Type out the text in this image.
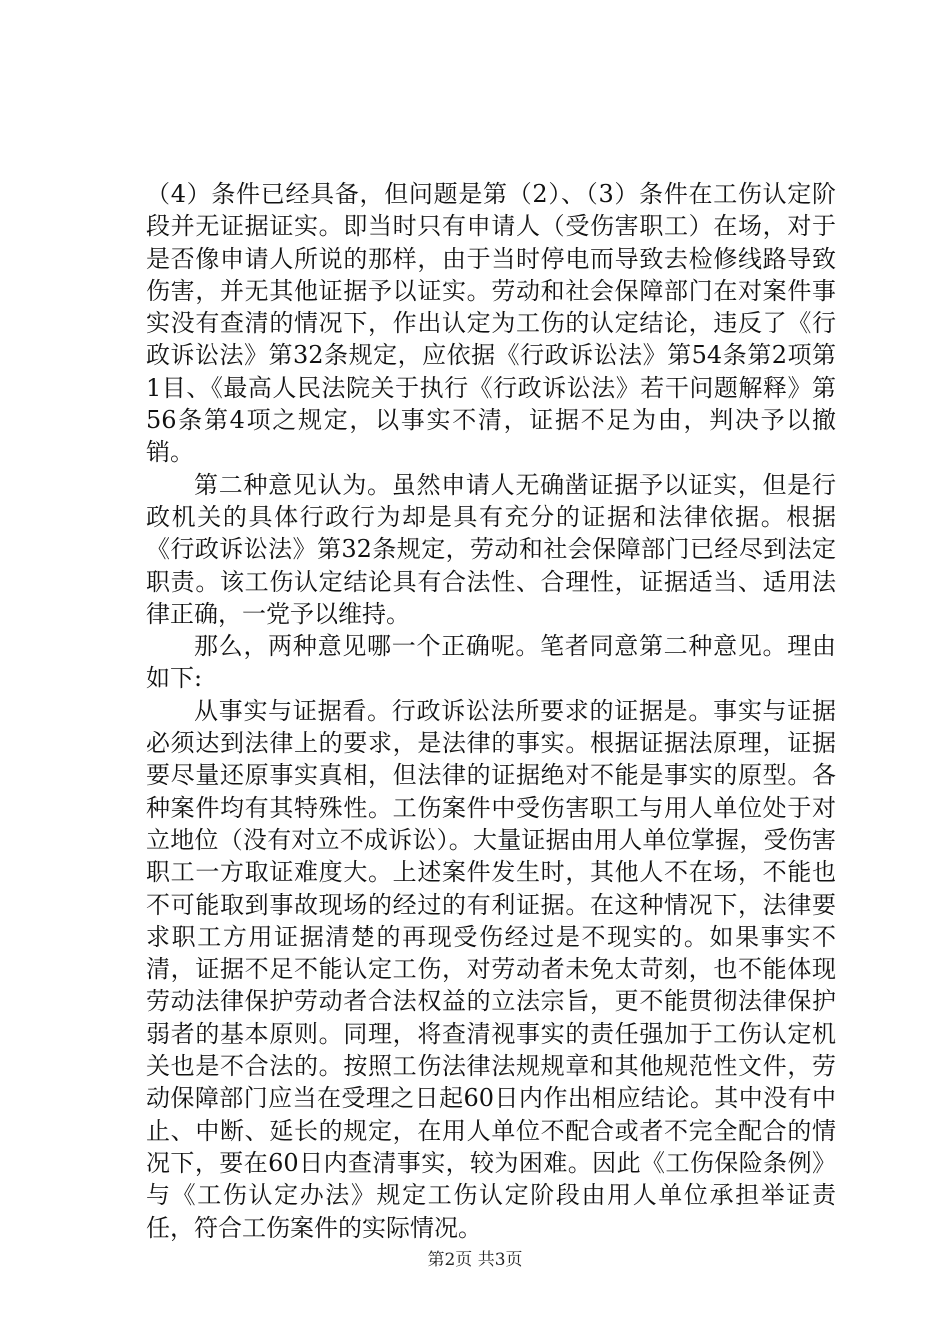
（4）条件已经具备，但问题是第（2）、（3）条件在工伤认定阶段并无证据证实。即当时只有申请人（受伤害职工）在场，对于是否像申请人所说的那样，由于当时停电而导致去检修线路导致伤害，并无其他证据予以证实。劳动和社会保障部门在对案件事实没有查清的情况下，作出认定为工伤的认定结论，违反了《行政诉讼法》第32条规定，应依据《行政诉讼法》第54条第2项第1目、《最高人民法院关于执行《行政诉讼法》若干问题解释》第56条第4项之规定，以事实不清，证据不足为由，判决予以撤销。

第二种意见认为。虽然申请人无确凿证据予以证实，但是行政机关的具体行政行为却是具有充分的证据和法律依据。根据《行政诉讼法》第32条规定，劳动和社会保障部门已经尽到法定职责。该工伤认定结论具有合法性、合理性，证据适当、适用法律正确，一党予以维持。

那么，两种意见哪一个正确呢。笔者同意第二种意见。理由如下:

从事实与证据看。行政诉讼法所要求的证据是。事实与证据必须达到法律上的要求，是法律的事实。根据证据法原理，证据要尽量还原事实真相，但法律的证据绝对不能是事实的原型。各种案件均有其特殊性。工伤案件中受伤害职工与用人单位处于对立地位（没有对立不成诉讼）。大量证据由用人单位掌握，受伤害职工一方取证难度大。上述案件发生时，其他人不在场，不能也不可能取到事故现场的经过的有利证据。在这种情况下，法律要求职工方用证据清楚的再现受伤经过是不现实的。如果事实不清，证据不足不能认定工伤，对劳动者未免太苛刻，也不能体现劳动法律保护劳动者合法权益的立法宗旨，更不能贯彻法律保护弱者的基本原则。同理，将查清视事实的责任强加于工伤认定机关也是不合法的。按照工伤法律法规规章和其他规范性文件，劳动保障部门应当在受理之日起60日内作出相应结论。其中没有中止、中断、延长的规定，在用人单位不配合或者不完全配合的情况下，要在60日内查清事实，较为困难。因此《工伤保险条例》与《工伤认定办法》规定工伤认定阶段由用人单位承担举证责任，符合工伤案件的实际情况。

第2页 共3页
